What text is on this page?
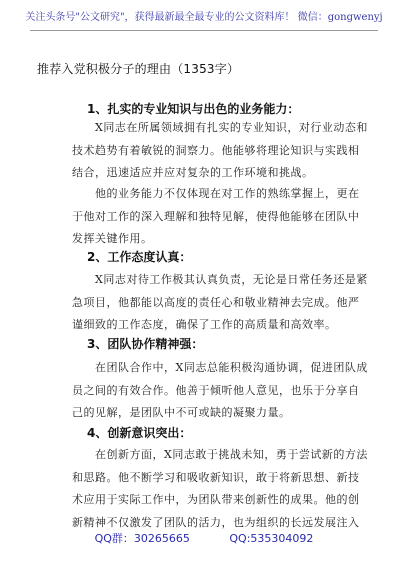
关注头条号"公文研究"，获得最新最全最专业的公文资料库！ 微信：gongwenyj
推荐入党积极分子的理由（1353字）
1、扎实的专业知识与出色的业务能力：
X同志在所属领域拥有扎实的专业知识，对行业动态和
技术趋势有着敏锐的洞察力。他能够将理论知识与实践相
结合，迅速适应并应对复杂的工作环境和挑战。
他的业务能力不仅体现在对工作的熟练掌握上，更在
于他对工作的深入理解和独特见解，使得他能够在团队中
发挥关键作用。
2、工作态度认真：
X同志对待工作极其认真负责，无论是日常任务还是紧
急项目，他都能以高度的责任心和敬业精神去完成。他严
谨细致的工作态度，确保了工作的高质量和高效率。
3、团队协作精神强：
在团队合作中，X同志总能积极沟通协调，促进团队成
员之间的有效合作。他善于倾听他人意见，也乐于分享自
己的见解，是团队中不可或缺的凝聚力量。
4、创新意识突出：
在创新方面，X同志敢于挑战未知，勇于尝试新的方法
和思路。他不断学习和吸收新知识，敢于将新思想、新技
术应用于实际工作中，为团队带来创新性的成果。他的创
新精神不仅激发了团队的活力，也为组织的长远发展注入
QQ群：30265665	QQ:535304092
